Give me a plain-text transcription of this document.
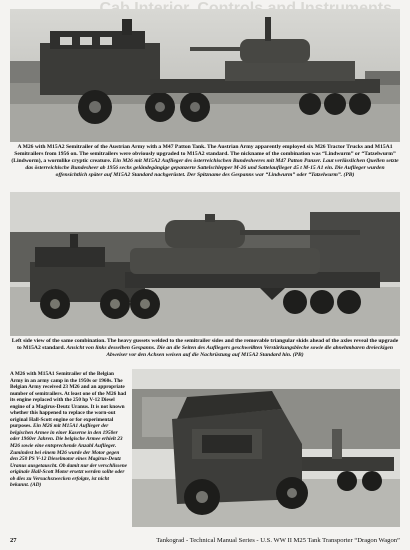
A M26 with M15A2 Semitrailer of the Austrian Army with a M47 Patton Tank. The Austrian Army apparently employed six M26 Tractor Trucks and M15A1 Semitrailers from 1956 on. The semitrailers were obviously upgraded to M15A2 standard. The nickname of the combination was “Lindwurm” or “Tatzelwurm” (Lindworm), a wormlike cryptic creature. Ein M26 mit M15A2 Auflieger des österreichischen Bundesheeres mit M47 Patton Panzer. Laut verlässlichen Quellen setzte das österreichische Bundesheer ab 1956 sechs geländegängige gepanzerte Sattelschlepper M-26 und Sattelauflieger 45 t M-15 A1 ein. Die Auflieger wurden offensichtlich später auf M15A2 Standard nachgerüstet. Der Spitzname des Gespanns war “Lindwurm” oder “Tatzelwurm”. (PB)
Left side view of the same combination. The heavy gussets welded to the semitrailer sides and the removable triangular skids ahead of the axles reveal the upgrade to M15A2 standard. Ansicht von links desselben Gespanns. Die an die Seiten des Aufliegers geschweißten Verstärkungsbleche sowie die abnehmbaren dreieckigen Abweiser vor den Achsen weisen auf die Nachrüstung auf M15A2 Standard hin. (PB)
A M26 with M15A1 Semitrailer of the Belgian Army in an army camp in the 1950s or 1960s. The Belgian Army received 23 M26 and an appropriate number of semitrailers. At least one of the M26 had its engine replaced with the 250 hp V-12 Diesel engine of a Magirus-Deutz Uranus. It is not known whether this happened to replace the worn-out original Hall-Scott engine or for experimental purposes. Ein M26 mit M15A1 Auflieger der belgischen Armee in einer Kaserne in den 1950er oder 1960er Jahren. Die belgische Armee erhielt 23 M26 sowie eine entsprechende Anzahl Auflieger. Zumindest bei einem M26 wurde der Motor gegen den 250 PS V-12 Dieselmotor eines Magirus-Deutz Uranus ausgetauscht. Ob damit nur der verschlissene originale Hall-Scott Motor ersetzt werden sollte oder ob dies zu Versuchszwecken erfolgte, ist nicht bekannt. (AD)
27	Tankograd - Technical Manual Series - U.S. WW II M25 Tank Transporter “Dragon Wagon”
